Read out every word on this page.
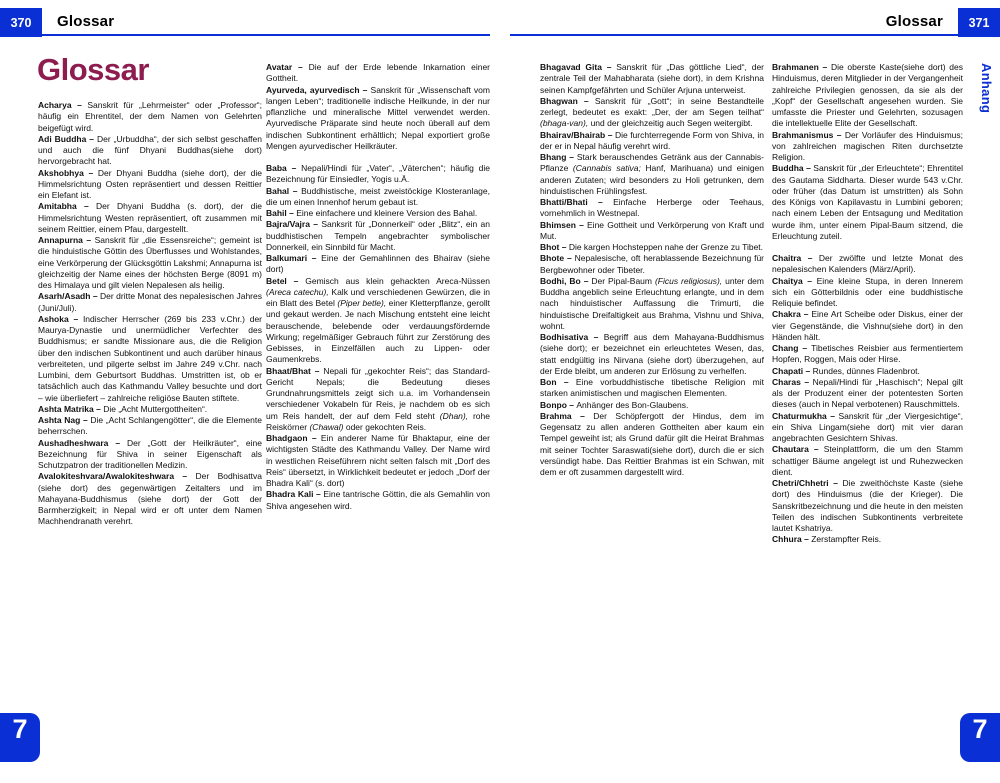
370	Glossar	Glossar	371
Glossar

Acharya – Sanskrit für „Lehrmeister“ oder „Professor“; häufig ein Ehrentitel, der dem Namen von Gelehrten beigefügt wird.

Adi Buddha – Der „Urbuddha“, der sich selbst geschaffen und auch die fünf Dhyani Buddhas(siehe dort) hervorgebracht hat.

Akshobhya – Der Dhyani Buddha (siehe dort), der die Himmelsrichtung Osten repräsentiert und dessen Reittier ein Elefant ist.

Amitabha – Der Dhyani Buddha (s. dort), der die Himmelsrichtung Westen repräsentiert, oft zusammen mit seinem Reittier, einem Pfau, dargestellt.

Annapurna – Sanskrit für „die Essensreiche“; gemeint ist die hinduistische Göttin des Überflusses und Wohlstandes, eine Verkörperung der Glücksgöttin Lakshmi; Annapurna ist gleichzeitig der Name eines der höchsten Berge (8091 m) des Himalaya und gilt vielen Nepalesen als heilig.

Asarh/Asadh – Der dritte Monat des nepalesischen Jahres (Juni/Juli).

Ashoka – Indischer Herrscher (269 bis 233 v.Chr.) der Maurya-Dynastie und unermüdlicher Verfechter des Buddhismus; er sandte Missionare aus, die die Religion über den indischen Subkontinent und auch darüber hinaus verbreiteten, und pilgerte selbst im Jahre 249 v.Chr. nach Lumbini, dem Geburtsort Buddhas. Umstritten ist, ob er tatsächlich auch das Kathmandu Valley besuchte und dort – wie überliefert – zahlreiche religiöse Bauten stiftete.

Ashta Matrika – Die „Acht Muttergottheiten“.

Ashta Nag – Die „Acht Schlangengötter“, die die Elemente beherrschen.

Aushadheshwara – Der „Gott der Heilkräuter“, eine Bezeichnung für Shiva in seiner Eigenschaft als Schutzpatron der traditionellen Medizin.

Avalokiteshvara/Awalokiteshwara – Der Bodhisattva (siehe dort) des gegenwärtigen Zeitalters und im Mahayana-Buddhismus (siehe dort) der Gott der Barmherzigkeit; in Nepal wird er oft unter dem Namen Machhendranath verehrt.

Avatar – Die auf der Erde lebende Inkarnation einer Gottheit.

Ayurveda, ayurvedisch – Sanskrit für „Wissenschaft vom langen Leben“; traditionelle indische Heilkunde, in der nur pflanzliche und mineralische Mittel verwendet werden. Ayurvedische Präparate sind heute noch überall auf dem indischen Subkontinent erhältlich; Nepal exportiert große Mengen ayurvedischer Heilkräuter.

Baba – Nepali/Hindi für „Vater“, „Väterchen“; häufig die Bezeichnung für Einsiedler, Yogis u.Ä.

Bahal – Buddhistische, meist zweistöckige Klosteranlage, die um einen Innenhof herum gebaut ist.

Bahil – Eine einfachere und kleinere Version des Bahal.

Bajra/Vajra – Sanksrit für „Donnerkeil“ oder „Blitz“, ein an buddhistischen Tempeln angebrachter symbolischer Donnerkeil, ein Sinnbild für Macht.

Balkumari – Eine der Gemahlinnen des Bhairav (siehe dort)

Betel – Gemisch aus klein gehackten Areca-Nüssen (Areca catechu), Kalk und verschiedenen Gewürzen, die in ein Blatt des Betel (Piper betle), einer Kletterpflanze, gerollt und gekaut werden. Je nach Mischung entsteht eine leicht berauschende, belebende oder verdauungsfördernde Wirkung; regelmäßiger Gebrauch führt zur Zerstörung des Gebisses, in Einzelfällen auch zu Lippen- oder Gaumenkrebs.

Bhaat/Bhat – Nepali für „gekochter Reis“; das Standard-Gericht Nepals; die Bedeutung dieses Grundnahrungsmittels zeigt sich u.a. im Vorhandensein verschiedener Vokabeln für Reis, je nachdem ob es sich um Reis handelt, der auf dem Feld steht (Dhan), rohe Reiskörner (Chawal) oder gekochten Reis.

Bhadgaon – Ein anderer Name für Bhaktapur, eine der wichtigsten Städte des Kathmandu Valley. Der Name wird in westlichen Reiseführern nicht selten falsch mit „Dorf des Reis“ übersetzt, in Wirklichkeit bedeutet er jedoch „Dorf der Bhadra Kali“ (s. dort)

Bhadra Kali – Eine tantrische Göttin, die als Gemahlin von Shiva angesehen wird.

Bhagavad Gita – Sanskrit für „Das göttliche Lied“, der zentrale Teil der Mahabharata (siehe dort), in dem Krishna seinen Kampfgefährten und Schüler Arjuna unterweist.

Bhagwan – Sanskrit für „Gott“; in seine Bestandteile zerlegt, bedeutet es exakt: „Der, der am Segen teilhat“ (bhaga-van), und der gleichzeitig auch Segen weitergibt.

Bhairav/Bhairab – Die furchterregende Form von Shiva, in der er in Nepal häufig verehrt wird.

Bhang – Stark berauschendes Getränk aus der Cannabis-Pflanze (Cannabis sativa; Hanf, Marihuana) und einigen anderen Zutaten; wird besonders zu Holi getrunken, dem hinduistischen Frühlingsfest.

Bhatti/Bhati – Einfache Herberge oder Teehaus, vornehmlich in Westnepal.

Bhimsen – Eine Gottheit und Verkörperung von Kraft und Mut.

Bhot – Die kargen Hochsteppen nahe der Grenze zu Tibet.

Bhote – Nepalesische, oft herablassende Bezeichnung für Bergbewohner oder Tibeter.

Bodhi, Bo – Der Pipal-Baum (Ficus religiosus), unter dem Buddha angeblich seine Erleuchtung erlangte, und in dem nach hinduistischer Auffassung die Trimurti, die hinduistische Dreifaltigkeit aus Brahma, Vishnu und Shiva, wohnt.

Bodhisativa – Begriff aus dem Mahayana-Buddhismus (siehe dort); er bezeichnet ein erleuchtetes Wesen, das, statt endgültig ins Nirvana (siehe dort) überzugehen, auf der Erde bleibt, um anderen zur Erlösung zu verhelfen.

Bon – Eine vorbuddhistische tibetische Religion mit starken animistischen und magischen Elementen.

Bonpo – Anhänger des Bon-Glaubens.

Brahma – Der Schöpfergott der Hindus, dem im Gegensatz zu allen anderen Gottheiten aber kaum ein Tempel geweiht ist; als Grund dafür gilt die Heirat Brahmas mit seiner Tochter Saraswati(siehe dort), durch die er sich versündigt habe. Das Reittier Brahmas ist ein Schwan, mit dem er oft zusammen dargestellt wird.

Brahmanen – Die oberste Kaste(siehe dort) des Hinduismus, deren Mitglieder in der Vergangenheit zahlreiche Privilegien genossen, da sie als der „Kopf“ der Gesellschaft angesehen wurden. Sie umfasste die Priester und Gelehrten, sozusagen die intellektuelle Elite der Gesellschaft.

Brahmanismus – Der Vorläufer des Hinduismus; von zahlreichen magischen Riten durchsetzte Religion.

Buddha – Sanskrit für „der Erleuchtete“; Ehrentitel des Gautama Siddharta. Dieser wurde 543 v.Chr. oder früher (das Datum ist umstritten) als Sohn des Königs von Kapilavastu in Lumbini geboren; nach einem Leben der Entsagung und Meditation wurde ihm, unter einem Pipal-Baum sitzend, die Erleuchtung zuteil.

Chaitra – Der zwölfte und letzte Monat des nepalesischen Kalenders (März/April).

Chaitya – Eine kleine Stupa, in deren Innerem sich ein Götterbildnis oder eine buddhistische Reliquie befindet.

Chakra – Eine Art Scheibe oder Diskus, einer der vier Gegenstände, die Vishnu(siehe dort) in den Händen hält.

Chang – Tibetisches Reisbier aus fermentiertem Hopfen, Roggen, Mais oder Hirse.

Chapati – Rundes, dünnes Fladenbrot.

Charas – Nepali/Hindi für „Haschisch“; Nepal gilt als der Produzent einer der potentesten Sorten dieses (auch in Nepal verbotenen) Rauschmittels.

Chaturmukha – Sanskrit für „der Viergesichtige“, ein Shiva Lingam(siehe dort) mit vier daran angebrachten Gesichtern Shivas.

Chautara – Steinplattform, die um den Stamm schattiger Bäume angelegt ist und Ruhezwecken dient.

Chetri/Chhetri – Die zweithöchste Kaste (siehe dort) des Hinduismus (die der Krieger). Die Sanskritbezeichnung und die heute in den meisten Teilen des indischen Subkontinents verbreitete lautet Kshatriya.

Chhura – Zerstampfter Reis.

Anhang
7	7
